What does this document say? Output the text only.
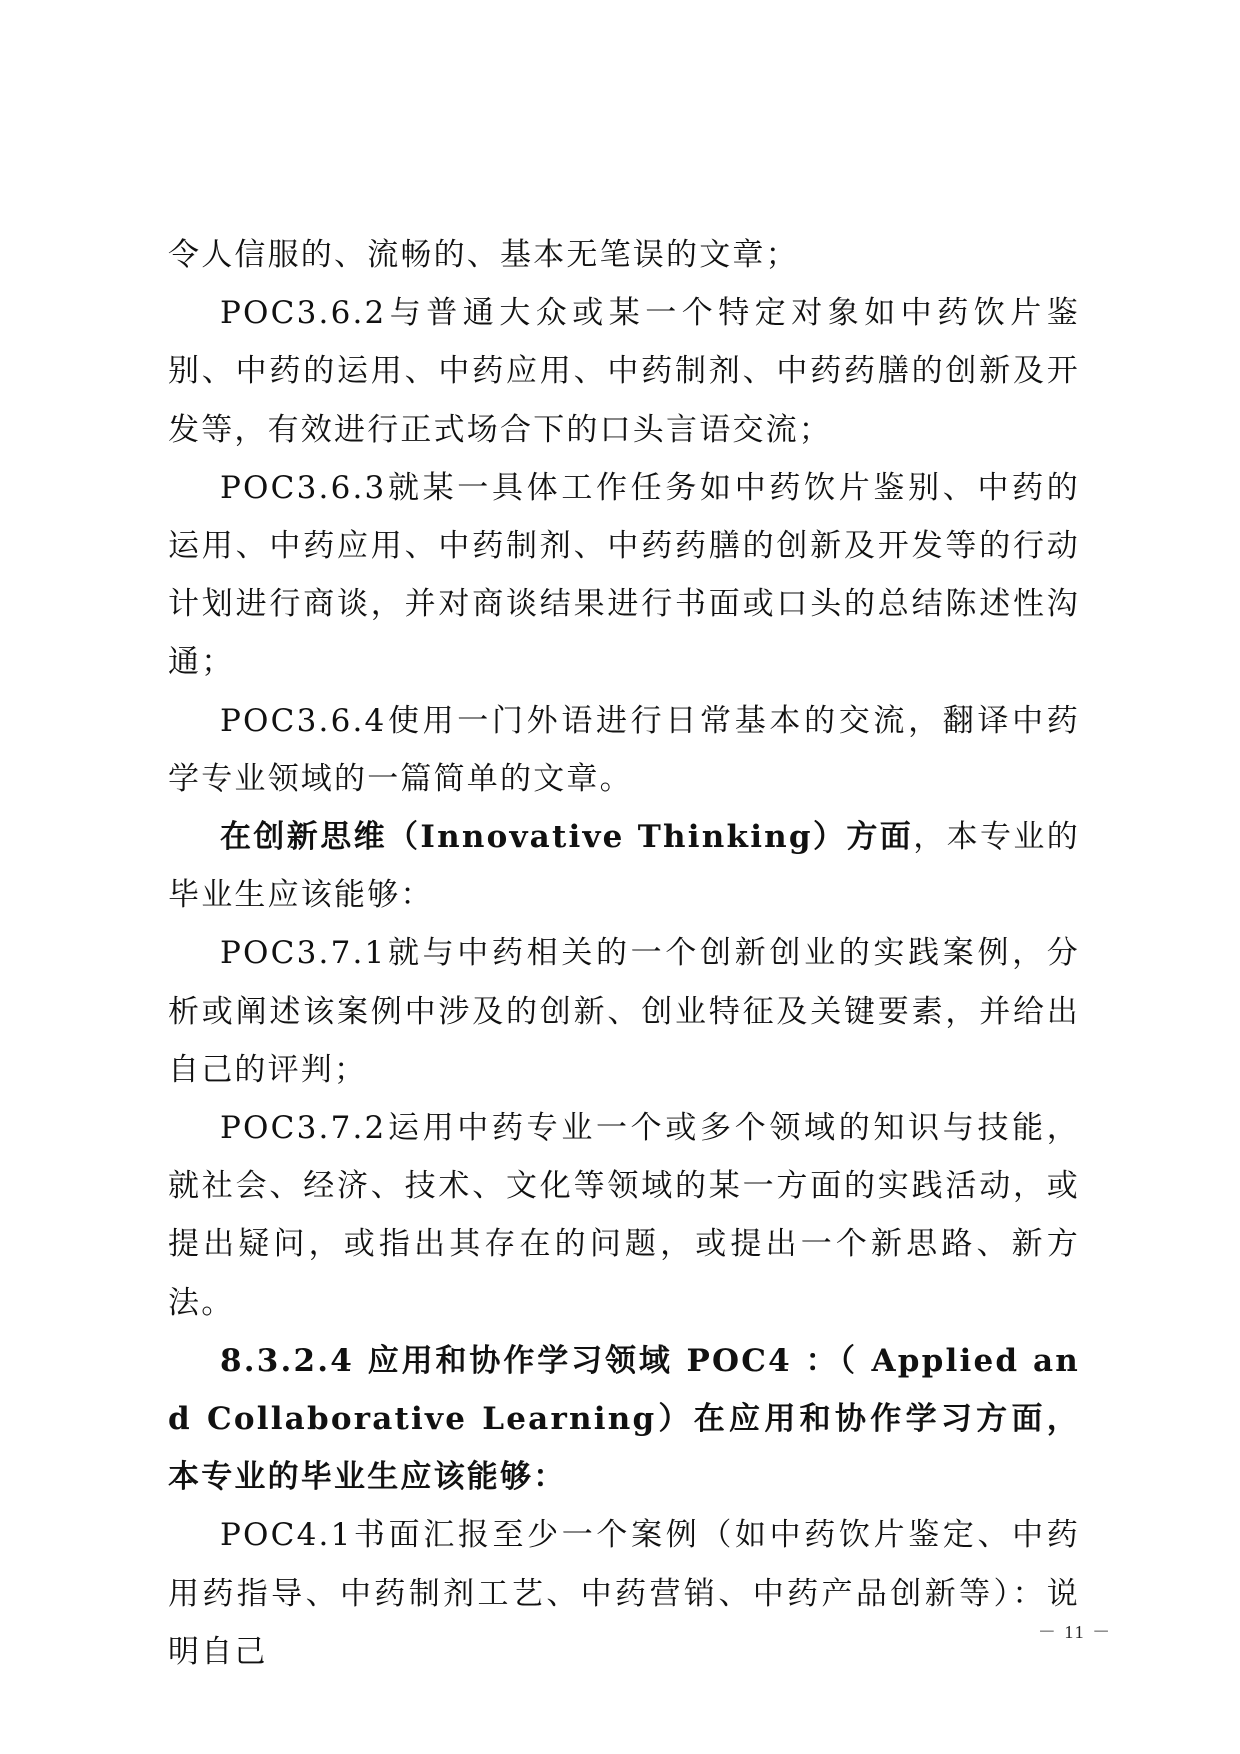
令人信服的、流畅的、基本无笔误的文章；

POC3.6.2与普通大众或某一个特定对象如中药饮片鉴别、中药的运用、中药应用、中药制剂、中药药膳的创新及开发等，有效进行正式场合下的口头言语交流；

POC3.6.3就某一具体工作任务如中药饮片鉴别、中药的运用、中药应用、中药制剂、中药药膳的创新及开发等的行动计划进行商谈，并对商谈结果进行书面或口头的总结陈述性沟通；

POC3.6.4使用一门外语进行日常基本的交流，翻译中药学专业领域的一篇简单的文章。

在创新思维（Innovative Thinking）方面，本专业的毕业生应该能够：

POC3.7.1就与中药相关的一个创新创业的实践案例，分析或阐述该案例中涉及的创新、创业特征及关键要素，并给出自己的评判；

POC3.7.2运用中药专业一个或多个领域的知识与技能，就社会、经济、技术、文化等领域的某一方面的实践活动，或提出疑问，或指出其存在的问题，或提出一个新思路、新方法。

8.3.2.4 应用和协作学习领域 POC4 ：（ Applied and Collaborative Learning）在应用和协作学习方面，本专业的毕业生应该能够：

POC4.1书面汇报至少一个案例（如中药饮片鉴定、中药用药指导、中药制剂工艺、中药营销、中药产品创新等）：说明自己

－ 11 －
